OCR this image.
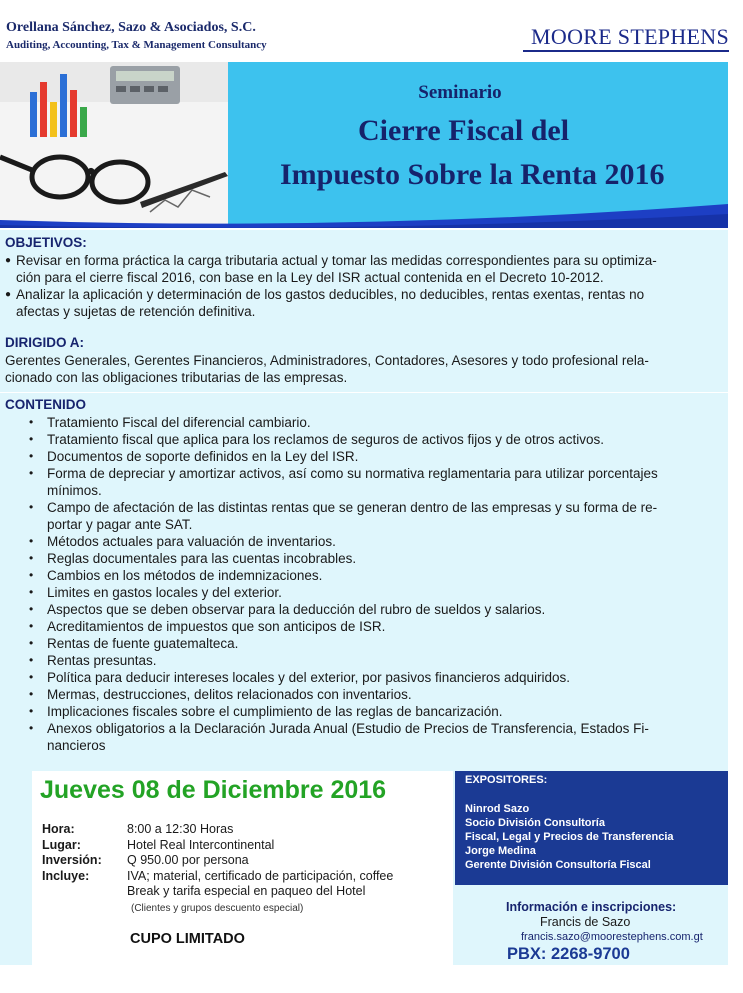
Orellana Sánchez, Sazo & Asociados, S.C.
Auditing, Accounting, Tax & Management Consultancy	MOORE STEPHENS
Seminario
Cierre Fiscal del
Impuesto Sobre la Renta 2016
OBJETIVOS:
● Revisar en forma práctica la carga tributaria actual y tomar las medidas correspondientes para su optimiza-
ción para el cierre fiscal 2016, con base en la Ley del ISR actual contenida en el Decreto 10-2012.
● Analizar la aplicación y determinación de los gastos deducibles, no deducibles, rentas exentas, rentas no
afectas y sujetas de retención definitiva.
DIRIGIDO A:
Gerentes Generales, Gerentes Financieros, Administradores, Contadores, Asesores y todo profesional rela-
cionado con las obligaciones tributarias de las empresas.
CONTENIDO
• Tratamiento Fiscal del diferencial cambiario.
• Tratamiento fiscal que aplica para los reclamos de seguros de activos fijos y de otros activos.
• Documentos de soporte definidos en la Ley del ISR.
• Forma de depreciar y amortizar activos, así como su normativa reglamentaria para utilizar porcentajes
mínimos.
• Campo de afectación de las distintas rentas que se generan dentro de las empresas y su forma de re-
portar y pagar ante SAT.
• Métodos actuales para valuación de inventarios.
• Reglas documentales para las cuentas incobrables.
• Cambios en los métodos de indemnizaciones.
• Limites en gastos locales y del exterior.
• Aspectos que se deben observar para la deducción del rubro de sueldos y salarios.
• Acreditamientos de impuestos que son anticipos de ISR.
• Rentas de fuente guatemalteca.
• Rentas presuntas.
• Política para deducir intereses locales y del exterior, por pasivos financieros adquiridos.
• Mermas, destrucciones, delitos relacionados con inventarios.
• Implicaciones fiscales sobre el cumplimiento de las reglas de bancarización.
• Anexos obligatorios a la Declaración Jurada Anual (Estudio de Precios de Transferencia, Estados Fi-
nancieros
Jueves 08 de Diciembre 2016
Hora:	8:00 a 12:30 Horas
Lugar:	Hotel Real Intercontinental
Inversión: Q 950.00 por persona
Incluye:	IVA; material, certificado de participación, coffee
Break y tarifa especial en paqueo del Hotel
(Clientes y grupos descuento especial)
CUPO LIMITADO
EXPOSITORES:
Ninrod Sazo
Socio División Consultoría
Fiscal, Legal y Precios de Transferencia
Jorge Medina
Gerente División Consultoría Fiscal
Información e inscripciones:
Francis de Sazo
francis.sazo@moorestephens.com.gt
PBX: 2268-9700
